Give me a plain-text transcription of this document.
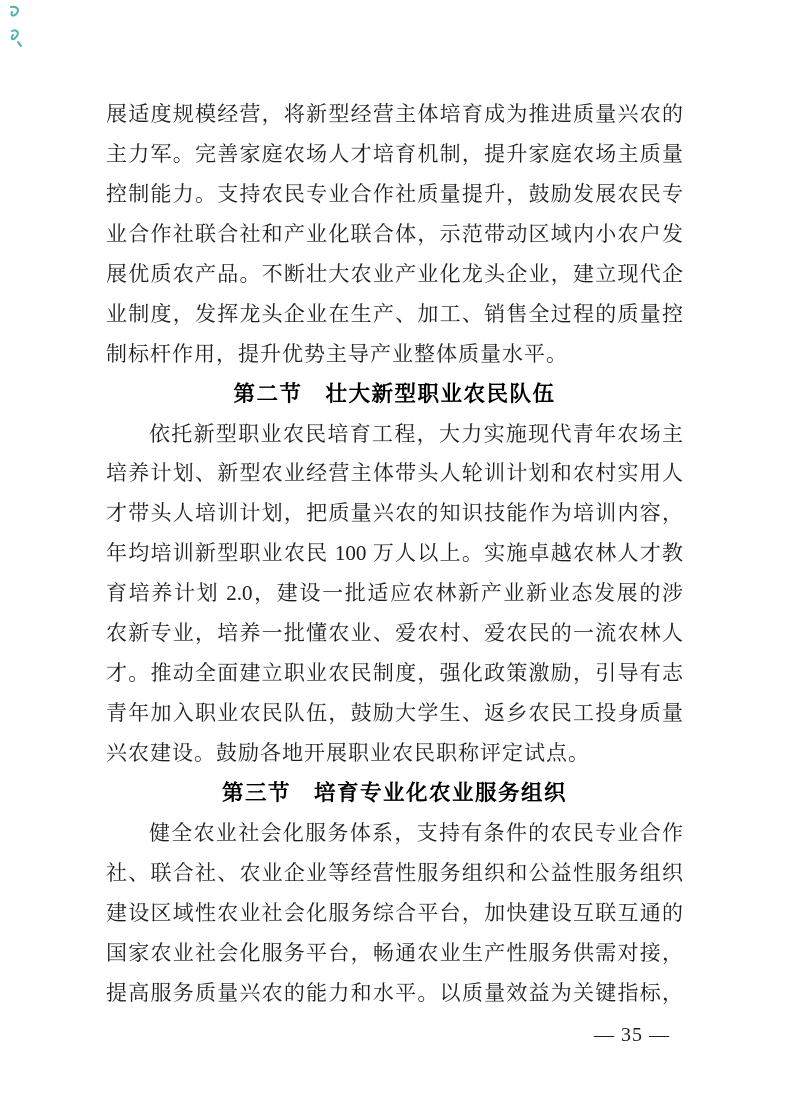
展适度规模经营，将新型经营主体培育成为推进质量兴农的
主力军。完善家庭农场人才培育机制，提升家庭农场主质量
控制能力。支持农民专业合作社质量提升，鼓励发展农民专
业合作社联合社和产业化联合体，示范带动区域内小农户发
展优质农产品。不断壮大农业产业化龙头企业，建立现代企
业制度，发挥龙头企业在生产、加工、销售全过程的质量控
制标杆作用，提升优势主导产业整体质量水平。
第二节　壮大新型职业农民队伍
依托新型职业农民培育工程，大力实施现代青年农场主
培养计划、新型农业经营主体带头人轮训计划和农村实用人
才带头人培训计划，把质量兴农的知识技能作为培训内容，
年均培训新型职业农民 100 万人以上。实施卓越农林人才教
育培养计划 2.0，建设一批适应农林新产业新业态发展的涉
农新专业，培养一批懂农业、爱农村、爱农民的一流农林人
才。推动全面建立职业农民制度，强化政策激励，引导有志
青年加入职业农民队伍，鼓励大学生、返乡农民工投身质量
兴农建设。鼓励各地开展职业农民职称评定试点。
第三节　培育专业化农业服务组织
健全农业社会化服务体系，支持有条件的农民专业合作
社、联合社、农业企业等经营性服务组织和公益性服务组织
建设区域性农业社会化服务综合平台，加快建设互联互通的
国家农业社会化服务平台，畅通农业生产性服务供需对接，
提高服务质量兴农的能力和水平。以质量效益为关键指标，
— 35 —
